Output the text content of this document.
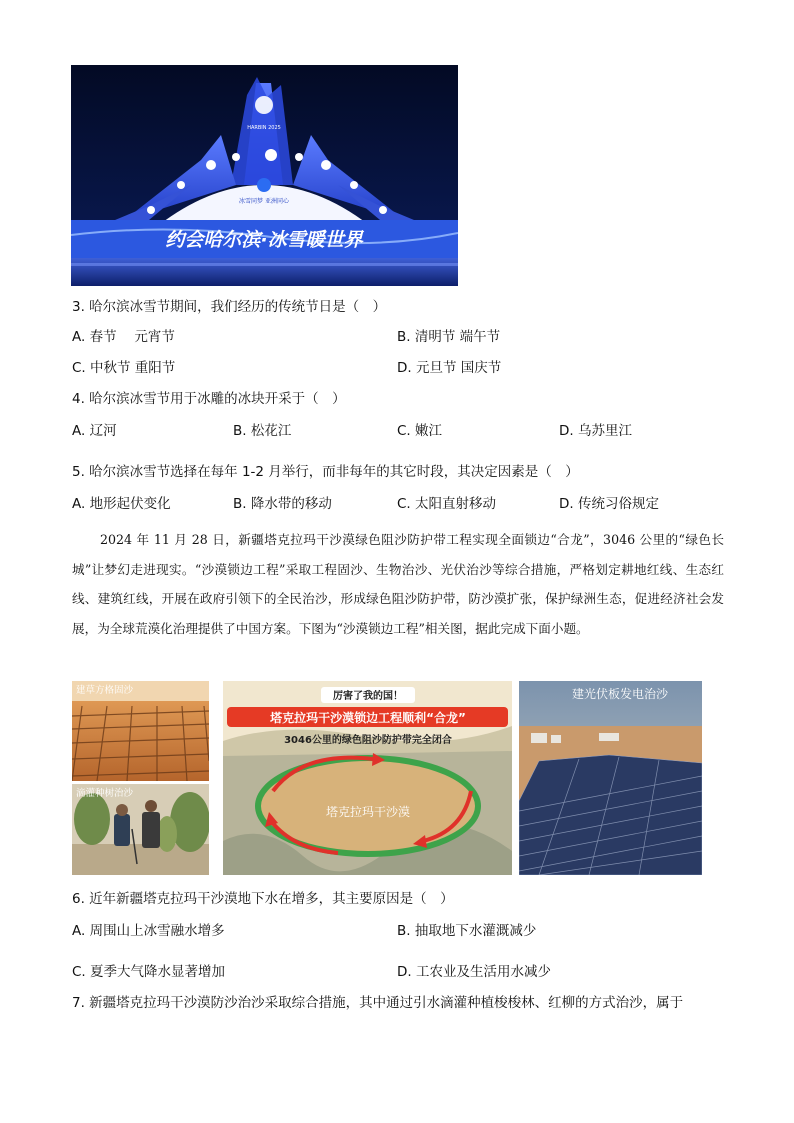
HARBIN 2025
冰雪同梦 亚洲同心
约会哈尔滨·冰雪暖世界
3. 哈尔滨冰雪节期间，我们经历的传统节日是（　）
A. 春节　 元宵节	B. 清明节 端午节
C. 中秋节 重阳节	D. 元旦节 国庆节
4. 哈尔滨冰雪节用于冰雕的冰块开采于（　）
A. 辽河	B. 松花江	C. 嫩江	D. 乌苏里江
5. 哈尔滨冰雪节选择在每年 1-2 月举行，而非每年的其它时段，其决定因素是（　）
A. 地形起伏变化	B. 降水带的移动	C. 太阳直射移动	D. 传统习俗规定
2024 年 11 月 28 日，新疆塔克拉玛干沙漠绿色阻沙防护带工程实现全面锁边“合龙”，3046 公里的“绿色长城”让梦幻走进现实。“沙漠锁边工程”采取工程固沙、生物治沙、光伏治沙等综合措施，严格划定耕地红线、生态红线、建筑红线，开展在政府引领下的全民治沙，形成绿色阻沙防护带，防沙漠扩张，保护绿洲生态，促进经济社会发展，为全球荒漠化治理提供了中国方案。下图为“沙漠锁边工程”相关图，据此完成下面小题。
建草方格固沙
滴灌种树治沙
厉害了我的国！
塔克拉玛干沙漠锁边工程顺利“合龙”
3046公里的绿色阻沙防护带完全闭合
塔克拉玛干沙漠
建光伏板发电治沙
6. 近年新疆塔克拉玛干沙漠地下水在增多，其主要原因是（　）
A. 周围山上冰雪融水增多	B. 抽取地下水灌溉减少
C. 夏季大气降水显著增加	D. 工农业及生活用水减少
7. 新疆塔克拉玛干沙漠防沙治沙采取综合措施，其中通过引水滴灌种植梭梭林、红柳的方式治沙，属于
